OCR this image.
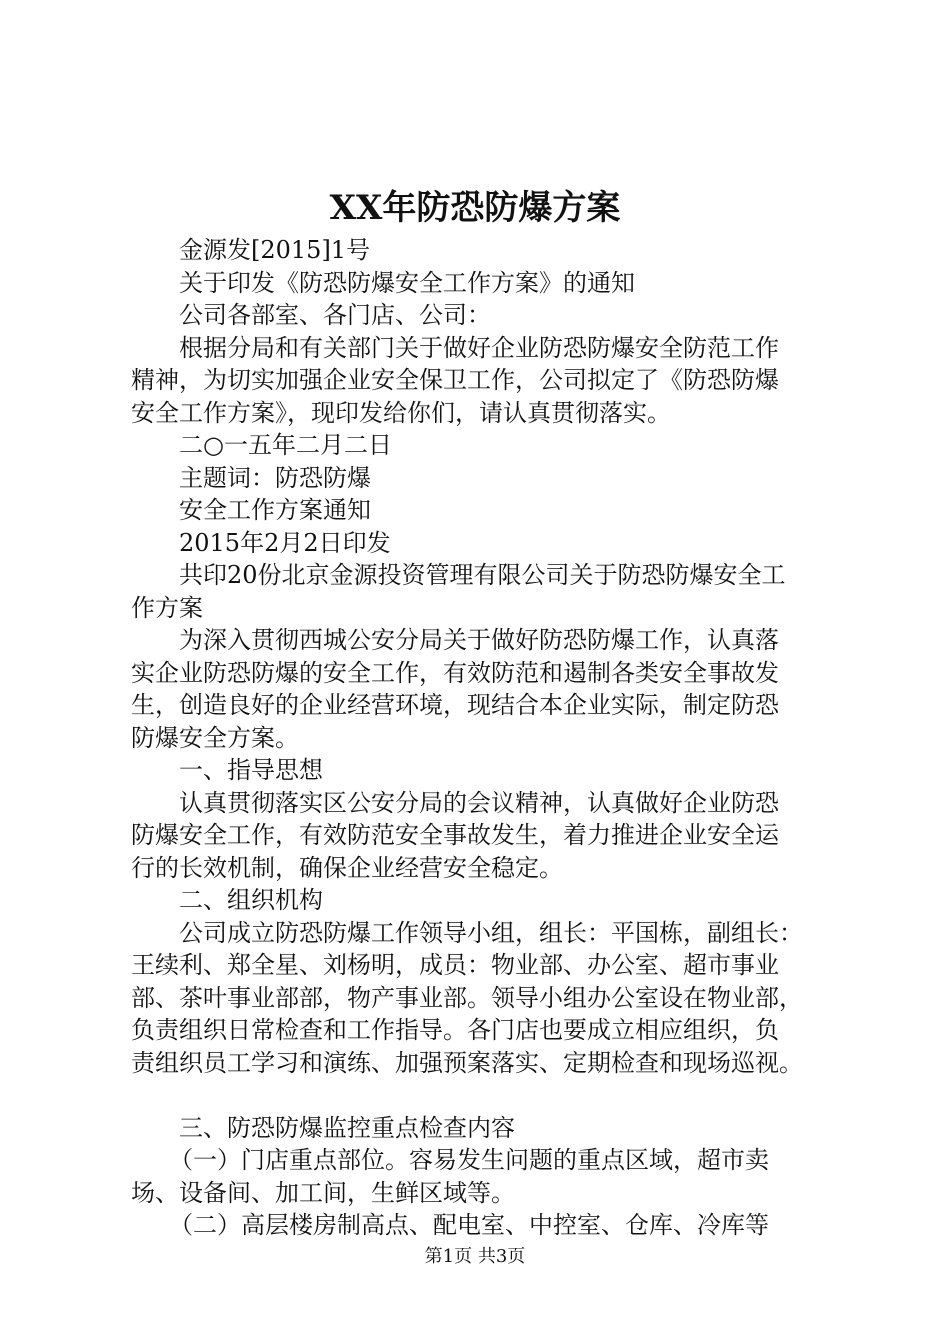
XX年防恐防爆方案

金源发[2015]1号

关于印发《防恐防爆安全工作方案》的通知

公司各部室、各门店、公司：

根据分局和有关部门关于做好企业防恐防爆安全防范工作

精神，为切实加强企业安全保卫工作，公司拟定了《防恐防爆

安全工作方案》，现印发给你们，请认真贯彻落实。

二○一五年二月二日

主题词：防恐防爆

安全工作方案通知

2015年2月2日印发

共印20份北京金源投资管理有限公司关于防恐防爆安全工

作方案

为深入贯彻西城公安分局关于做好防恐防爆工作，认真落

实企业防恐防爆的安全工作，有效防范和遏制各类安全事故发

生，创造良好的企业经营环境，现结合本企业实际，制定防恐

防爆安全方案。

一、指导思想

认真贯彻落实区公安分局的会议精神，认真做好企业防恐

防爆安全工作，有效防范安全事故发生，着力推进企业安全运

行的长效机制，确保企业经营安全稳定。

二、组织机构

公司成立防恐防爆工作领导小组，组长：平国栋，副组长：

王续利、郑全星、刘杨明，成员：物业部、办公室、超市事业

部、茶叶事业部部，物产事业部。领导小组办公室设在物业部，

负责组织日常检查和工作指导。各门店也要成立相应组织，负

责组织员工学习和演练、加强预案落实、定期检查和现场巡视。

三、防恐防爆监控重点检查内容

（一）门店重点部位。容易发生问题的重点区域，超市卖

场、设备间、加工间，生鲜区域等。

（二）高层楼房制高点、配电室、中控室、仓库、冷库等

第1页 共3页
